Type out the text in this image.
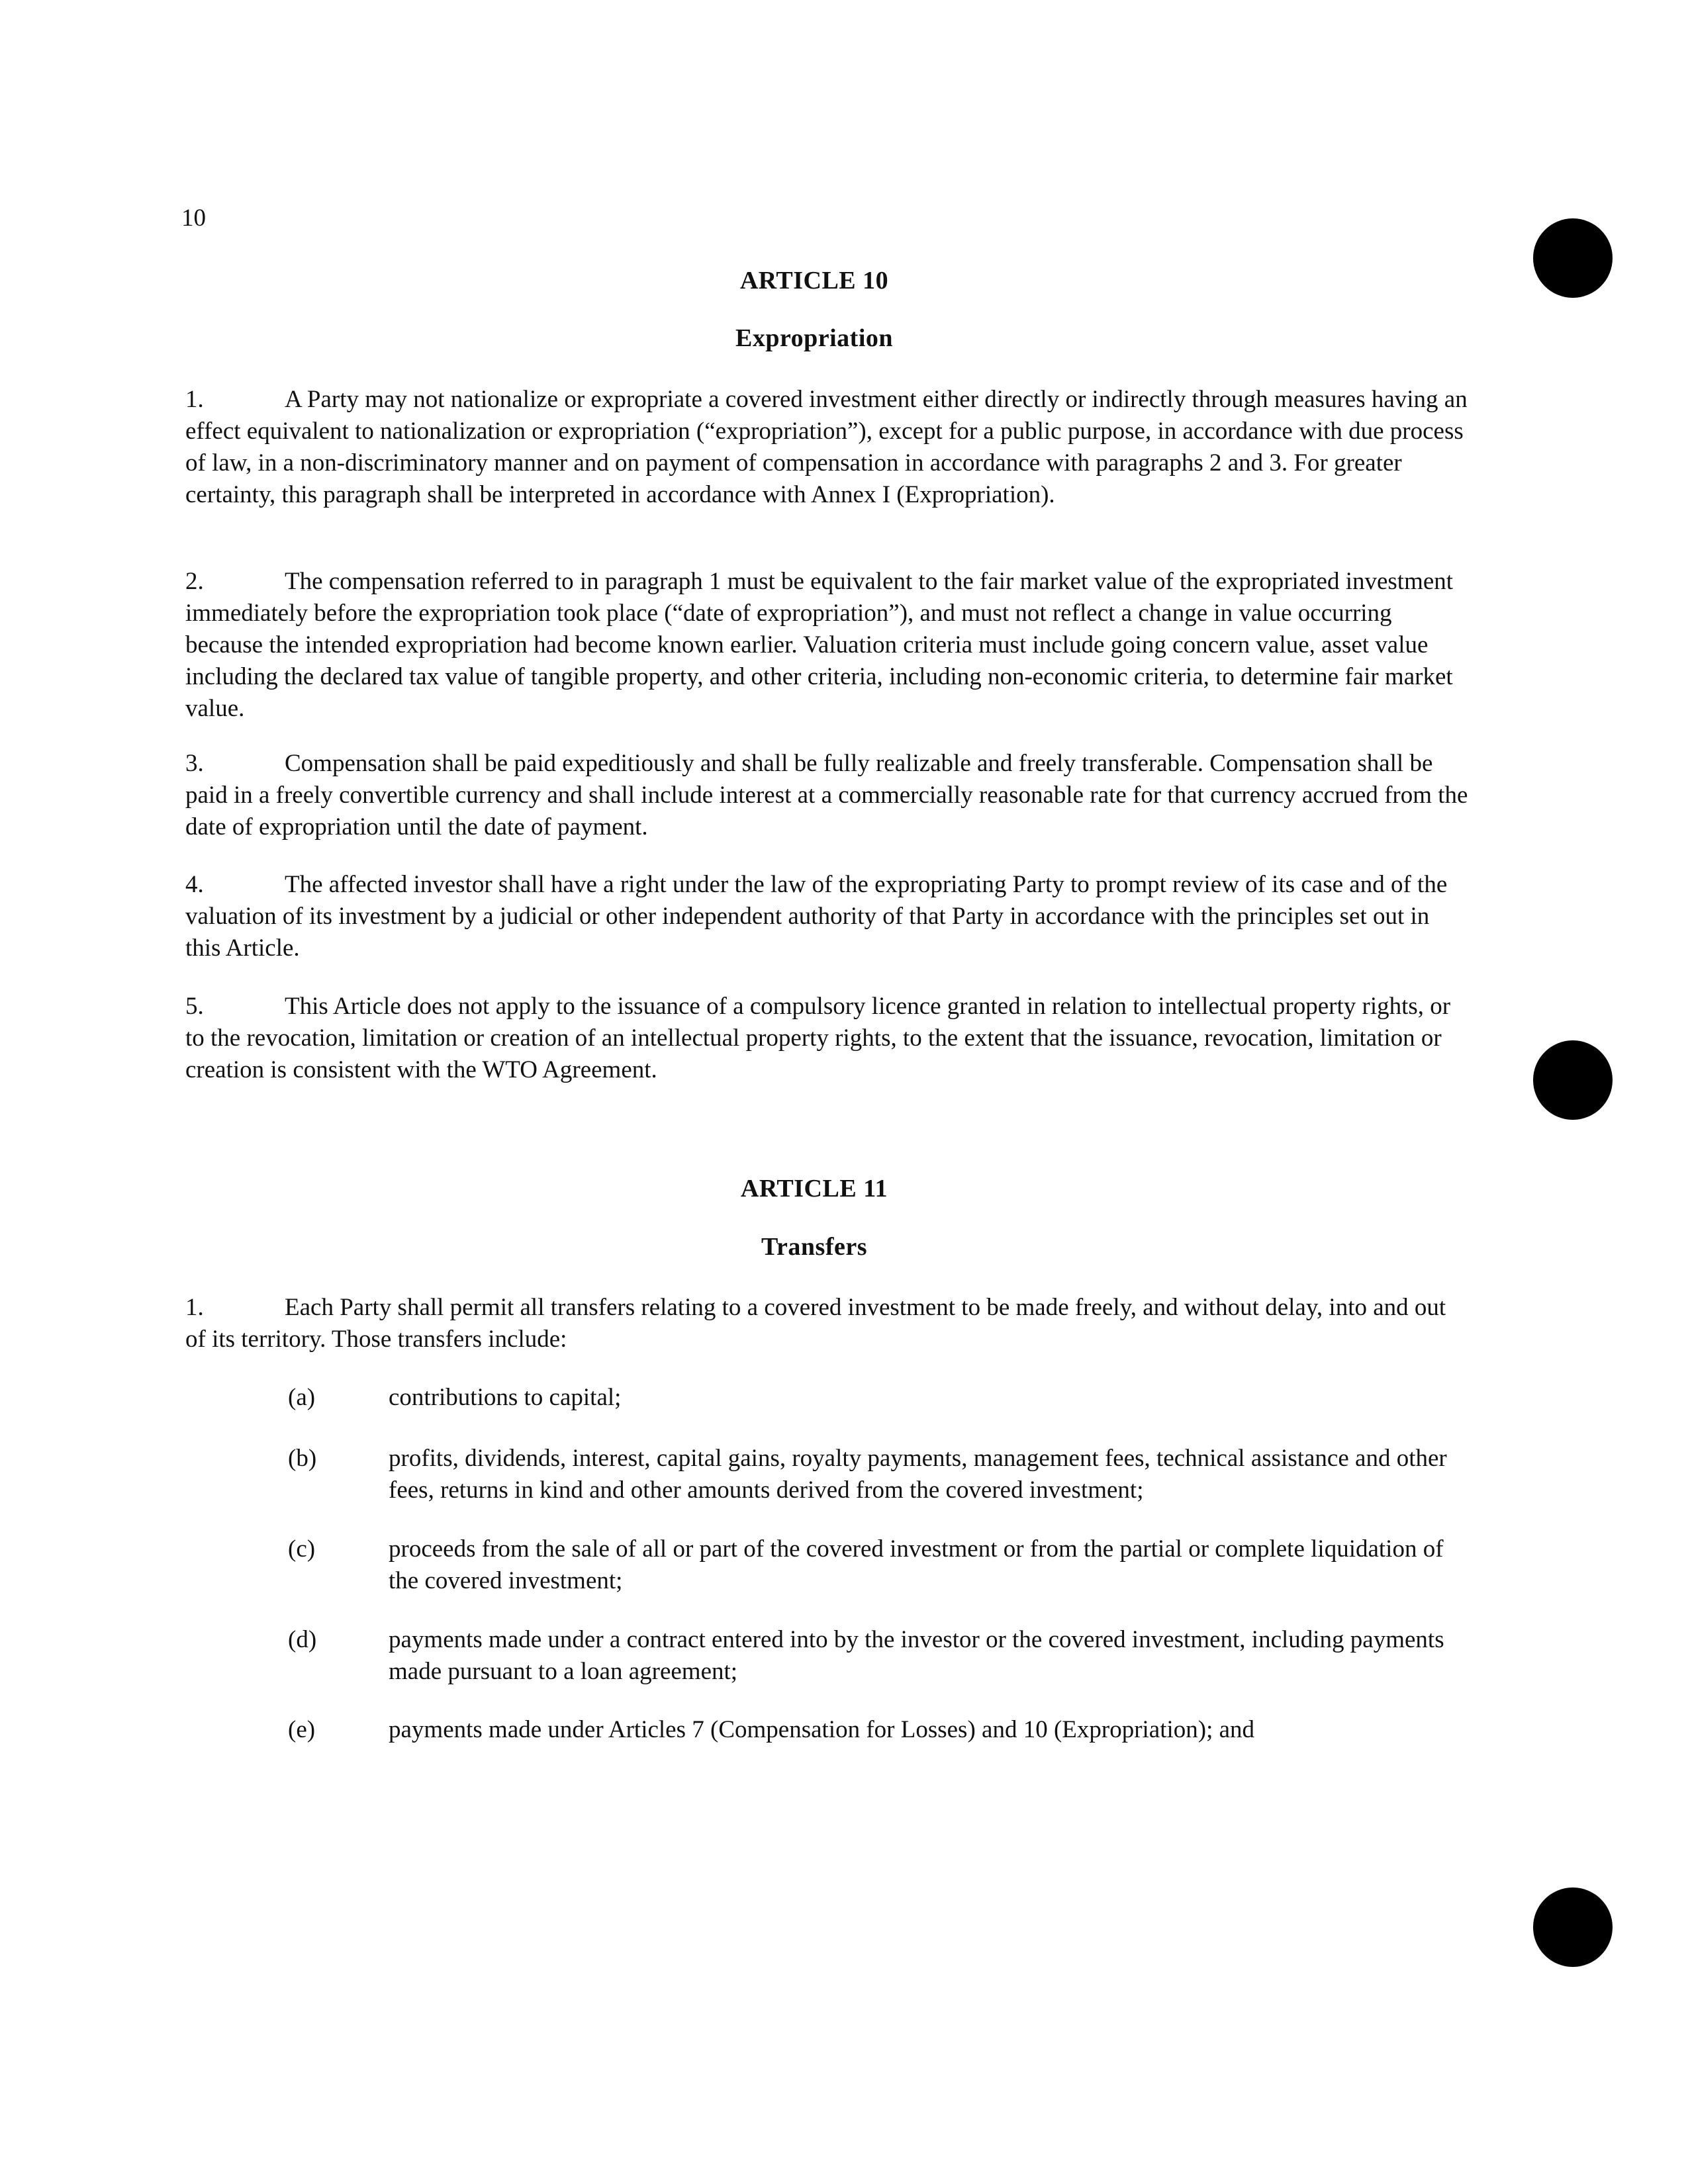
10
ARTICLE 10
Expropriation
1.	A Party may not nationalize or expropriate a covered investment either directly or indirectly through measures having an effect equivalent to nationalization or expropriation (“expropriation”), except for a public purpose, in accordance with due process of law, in a non-discriminatory manner and on payment of compensation in accordance with paragraphs 2 and 3. For greater certainty, this paragraph shall be interpreted in accordance with Annex I (Expropriation).
2.	The compensation referred to in paragraph 1 must be equivalent to the fair market value of the expropriated investment immediately before the expropriation took place (“date of expropriation”), and must not reflect a change in value occurring because the intended expropriation had become known earlier. Valuation criteria must include going concern value, asset value including the declared tax value of tangible property, and other criteria, including non-economic criteria, to determine fair market value.
3.	Compensation shall be paid expeditiously and shall be fully realizable and freely transferable. Compensation shall be paid in a freely convertible currency and shall include interest at a commercially reasonable rate for that currency accrued from the date of expropriation until the date of payment.
4.	The affected investor shall have a right under the law of the expropriating Party to prompt review of its case and of the valuation of its investment by a judicial or other independent authority of that Party in accordance with the principles set out in this Article.
5.	This Article does not apply to the issuance of a compulsory licence granted in relation to intellectual property rights, or to the revocation, limitation or creation of an intellectual property rights, to the extent that the issuance, revocation, limitation or creation is consistent with the WTO Agreement.
ARTICLE 11
Transfers
1.	Each Party shall permit all transfers relating to a covered investment to be made freely, and without delay, into and out of its territory. Those transfers include:
(a)	contributions to capital;
(b)	profits, dividends, interest, capital gains, royalty payments, management fees, technical assistance and other fees, returns in kind and other amounts derived from the covered investment;
(c)	proceeds from the sale of all or part of the covered investment or from the partial or complete liquidation of the covered investment;
(d)	payments made under a contract entered into by the investor or the covered investment, including payments made pursuant to a loan agreement;
(e)	payments made under Articles 7 (Compensation for Losses) and 10 (Expropriation); and
